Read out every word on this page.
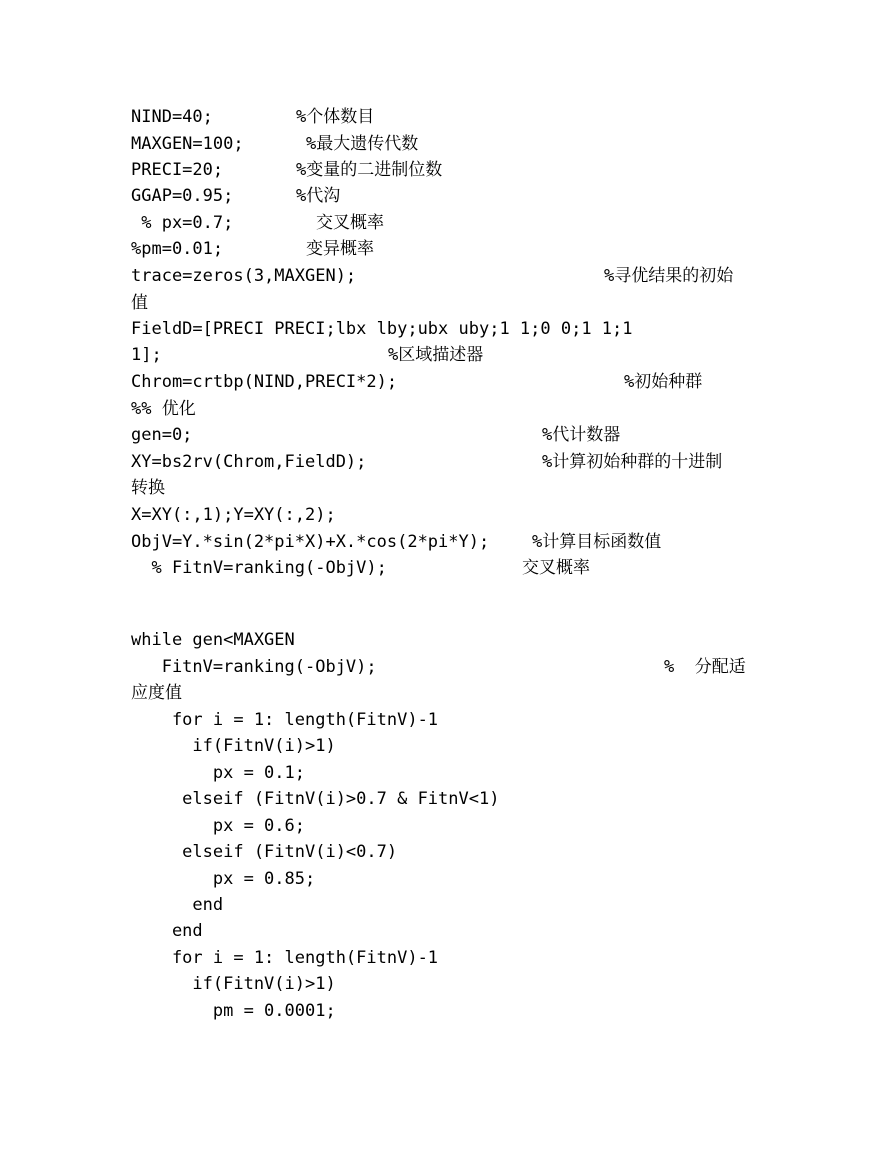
NIND=40;

	%个体数目

MAXGEN=100;

	%最大遗传代数

PRECI=20;

	%变量的二进制位数

GGAP=0.95;

	%代沟

% px=0.7;

	交叉概率

%pm=0.01;

	变异概率

trace=zeros(3,MAXGEN);

	%寻优结果的初始

值

FieldD=[PRECI PRECI;lbx lby;ubx uby;1 1;0 0;1 1;1

1];

	%区域描述器

Chrom=crtbp(NIND,PRECI*2);

	%初始种群

%% 优化

gen=0;

	%代计数器

XY=bs2rv(Chrom,FieldD);

	%计算初始种群的十进制

转换

X=XY(:,1);Y=XY(:,2);

ObjV=Y.*sin(2*pi*X)+X.*cos(2*pi*Y);

	%计算目标函数值

% FitnV=ranking(-ObjV);

	交叉概率

while gen<MAXGEN

FitnV=ranking(-ObjV);

	%  分配适

应度值

for i = 1: length(FitnV)-1

if(FitnV(i)>1)

px = 0.1;

elseif (FitnV(i)>0.7 & FitnV<1)

px = 0.6;

elseif (FitnV(i)<0.7)

px = 0.85;

end

end

for i = 1: length(FitnV)-1

if(FitnV(i)>1)

pm = 0.0001;
